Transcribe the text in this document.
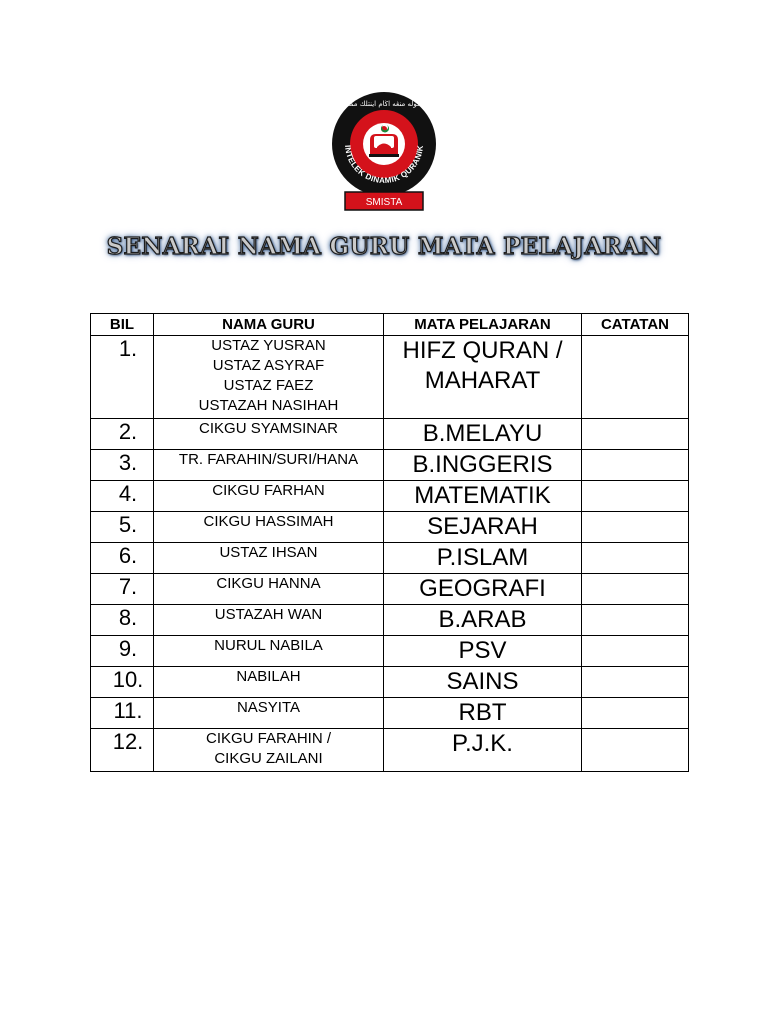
INTELEK DINAMIK QURANIK
سكوله منڠه اڬام اينتلك ممڬم
SMISTA
SENARAI NAMA GURU MATA PELAJARAN
BIL	NAMA GURU	MATA PELAJARAN	CATATAN
1.	USTAZ YUSRAN
USTAZ ASYRAF
USTAZ FAEZ
USTAZAH NASIHAH	HIFZ QURAN /
MAHARAT	

2.	CIKGU SYAMSINAR	B.MELAYU	
3.	TR. FARAHIN/SURI/HANA	B.INGGERIS	
4.	CIKGU FARHAN	MATEMATIK	
5.	CIKGU HASSIMAH	SEJARAH	
6.	USTAZ IHSAN	P.ISLAM	
7.	CIKGU HANNA	GEOGRAFI	
8.	USTAZAH WAN	B.ARAB	
9.	NURUL NABILA	PSV	
10.	NABILAH	SAINS	
11.	NASYITA	RBT	
12.	CIKGU FARAHIN /
CIKGU ZAILANI	P.J.K.	
